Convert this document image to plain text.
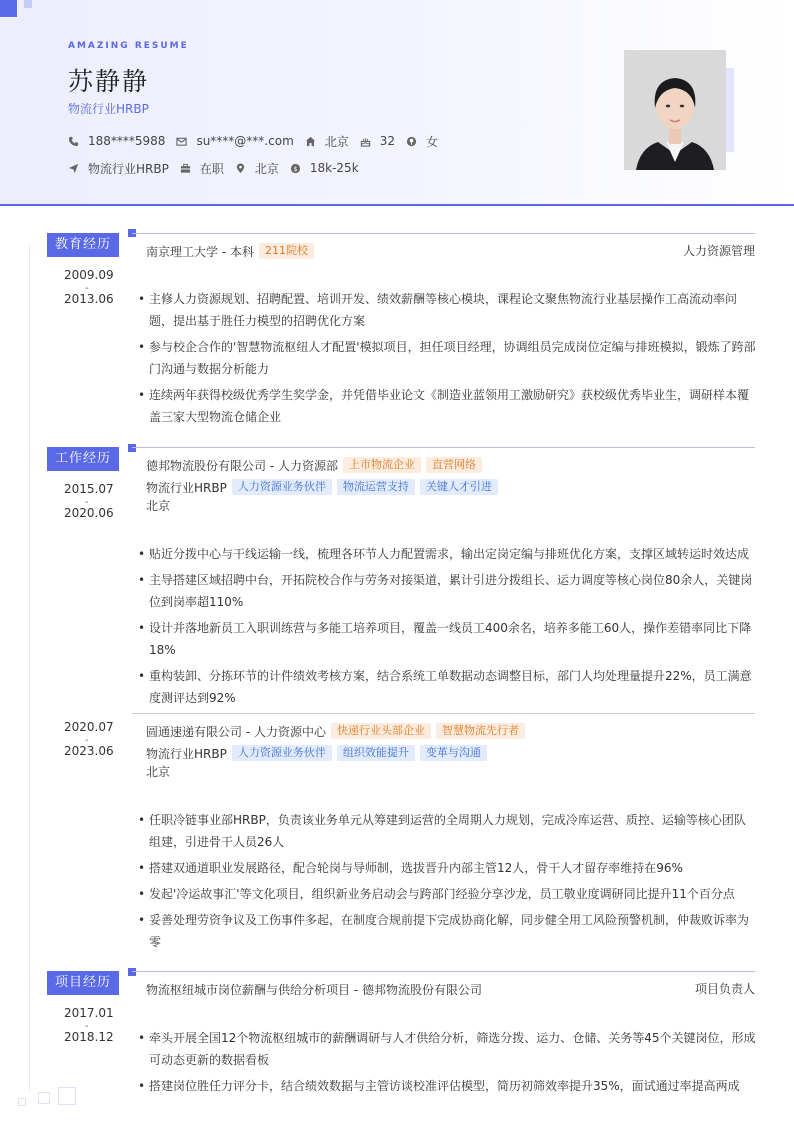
AMAZING RESUME
苏静静
物流行业HRBP
188****5988	su****@***.com	北京	32	女
物流行业HRBP	在职	北京 $ 18k-25k
教育经历
2009.09
-
2013.06
南京理工大学 - 本科	211院校	人力资源管理
• 主修人力资源规划、招聘配置、培训开发、绩效薪酬等核心模块，课程论文聚焦物流行业基层操作工高流动率问题，提出基于胜任力模型的招聘优化方案
• 参与校企合作的'智慧物流枢纽人才配置'模拟项目，担任项目经理，协调组员完成岗位定编与排班模拟，锻炼了跨部门沟通与数据分析能力
• 连续两年获得校级优秀学生奖学金，并凭借毕业论文《制造业蓝领用工激励研究》获校级优秀毕业生，调研样本覆盖三家大型物流仓储企业
工作经历
2015.07
-
2020.06
德邦物流股份有限公司 - 人力资源部	上市物流企业	直营网络
物流行业HRBP	人力资源业务伙伴	物流运营支持	关键人才引进
北京
• 贴近分拨中心与干线运输一线，梳理各环节人力配置需求，输出定岗定编与排班优化方案，支撑区域转运时效达成
• 主导搭建区域招聘中台，开拓院校合作与劳务对接渠道，累计引进分拨组长、运力调度等核心岗位80余人，关键岗位到岗率超110%
• 设计并落地新员工入职训练营与多能工培养项目，覆盖一线员工400余名，培养多能工60人，操作差错率同比下降18%
• 重构装卸、分拣环节的计件绩效考核方案，结合系统工单数据动态调整目标，部门人均处理量提升22%，员工满意度测评达到92%
2020.07
-
2023.06
圆通速递有限公司 - 人力资源中心	快递行业头部企业	智慧物流先行者
物流行业HRBP	人力资源业务伙伴	组织效能提升	变革与沟通
北京
• 任职冷链事业部HRBP，负责该业务单元从筹建到运营的全周期人力规划，完成冷库运营、质控、运输等核心团队组建，引进骨干人员26人
• 搭建双通道职业发展路径，配合轮岗与导师制，选拔晋升内部主管12人，骨干人才留存率维持在96%
• 发起'冷运故事汇'等文化项目，组织新业务启动会与跨部门经验分享沙龙，员工敬业度调研同比提升11个百分点
• 妥善处理劳资争议及工伤事件多起，在制度合规前提下完成协商化解，同步健全用工风险预警机制，仲裁败诉率为零
项目经历
2017.01
-
2018.12
物流枢纽城市岗位薪酬与供给分析项目 - 德邦物流股份有限公司	项目负责人
• 牵头开展全国12个物流枢纽城市的薪酬调研与人才供给分析，筛选分拨、运力、仓储、关务等45个关键岗位，形成可动态更新的数据看板
• 搭建岗位胜任力评分卡，结合绩效数据与主管访谈校准评估模型，简历初筛效率提升35%，面试通过率提高两成
